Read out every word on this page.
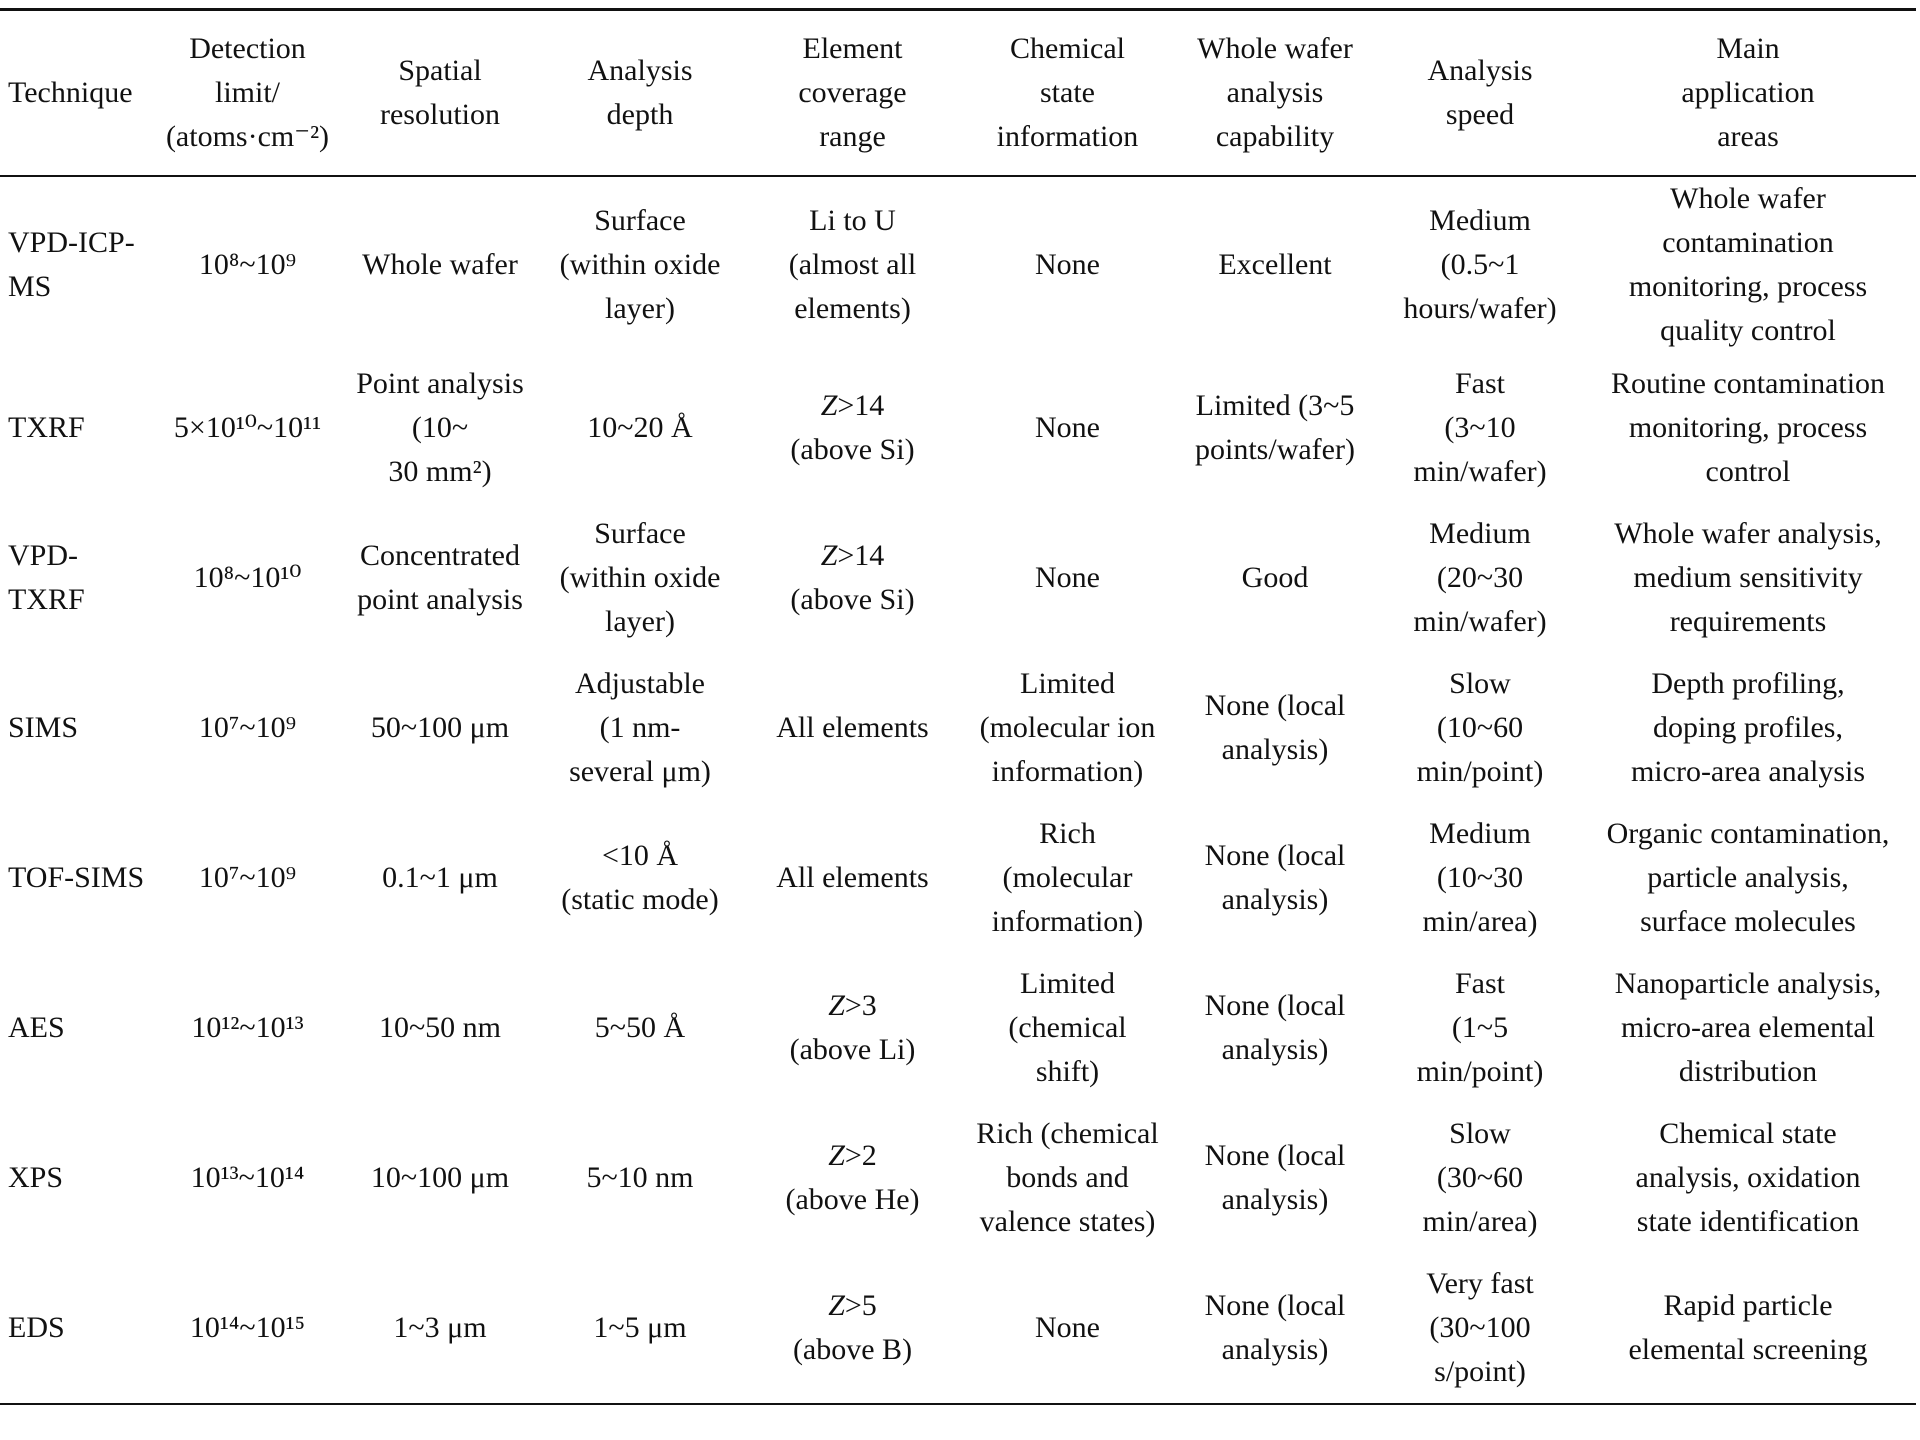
Technique	Detection
limit/
(atoms·cm⁻²)	Spatial
resolution	Analysis
depth	Element
coverage
range	Chemical
state
information	Whole wafer
analysis
capability	Analysis
speed	Main
application
areas

VPD-ICP-
MS	10⁸~10⁹	Whole wafer	Surface
(within oxide
layer)	Li to U
(almost all
elements)	None	Excellent	Medium
(0.5~1
hours/wafer)	Whole wafer
contamination
monitoring, process
quality control

TXRF	5×10¹⁰~10¹¹	Point analysis
(10~
30 mm²)	10~20 Å	Z>14
(above Si)	None	Limited (3~5
points/wafer)	Fast
(3~10
min/wafer)	Routine contamination
monitoring, process
control

VPD-TXRF	10⁸~10¹⁰	Concentrated
point analysis	Surface
(within oxide
layer)	Z>14
(above Si)	None	Good	Medium
(20~30
min/wafer)	Whole wafer analysis,
medium sensitivity
requirements

SIMS	10⁷~10⁹	50~100 μm	Adjustable
(1 nm-
several μm)	All elements	Limited
(molecular ion
information)	None (local
analysis)	Slow
(10~60
min/point)	Depth profiling,
doping profiles,
micro-area analysis

TOF-SIMS	10⁷~10⁹	0.1~1 μm	<10 Å
(static mode)	All elements	Rich
(molecular
information)	None (local
analysis)	Medium
(10~30
min/area)	Organic contamination,
particle analysis,
surface molecules

AES	10¹²~10¹³	10~50 nm	5~50 Å	Z>3
(above Li)	Limited
(chemical
shift)	None (local
analysis)	Fast
(1~5
min/point)	Nanoparticle analysis,
micro-area elemental
distribution

XPS	10¹³~10¹⁴	10~100 μm	5~10 nm	Z>2
(above He)	Rich (chemical
bonds and
valence states)	None (local
analysis)	Slow
(30~60
min/area)	Chemical state
analysis, oxidation
state identification

EDS	10¹⁴~10¹⁵	1~3 μm	1~5 μm	Z>5
(above B)	None	None (local
analysis)	Very fast
(30~100
s/point)	Rapid particle
elemental screening
